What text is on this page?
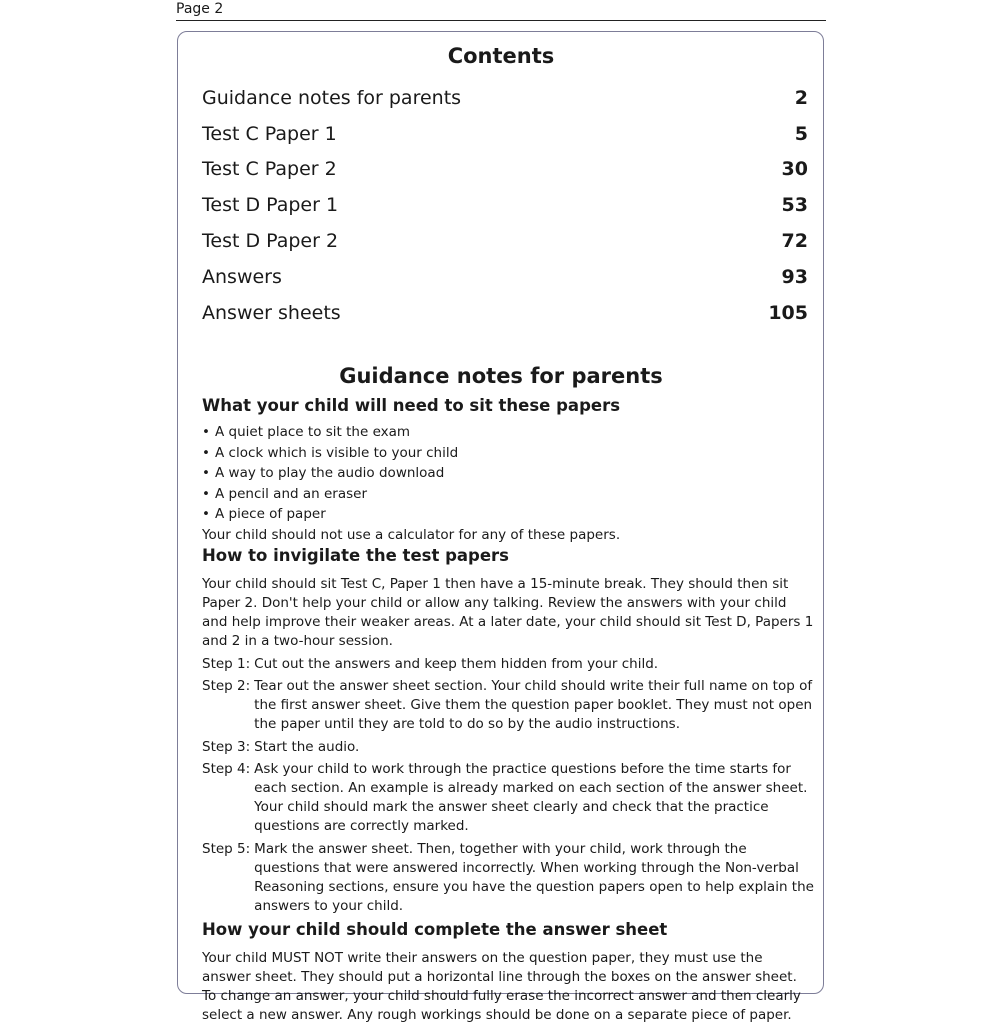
Page 2
Contents
Guidance notes for parents	2
Test C Paper 1	5
Test C Paper 2	30
Test D Paper 1	53
Test D Paper 2	72
Answers	93
Answer sheets	105
Guidance notes for parents
What your child will need to sit these papers
• A quiet place to sit the exam
• A clock which is visible to your child
• A way to play the audio download
• A pencil and an eraser
• A piece of paper

Your child should not use a calculator for any of these papers.

How to invigilate the test papers

Your child should sit Test C, Paper 1 then have a 15-minute break. They should then sit Paper 2. Don't help your child or allow any talking. Review the answers with your child and help improve their weaker areas. At a later date, your child should sit Test D, Papers 1 and 2 in a two-hour session.

Step 1: Cut out the answers and keep them hidden from your child.
Step 2: Tear out the answer sheet section. Your child should write their full name on top of the first answer sheet. Give them the question paper booklet. They must not open the paper until they are told to do so by the audio instructions.
Step 3: Start the audio.
Step 4: Ask your child to work through the practice questions before the time starts for each section. An example is already marked on each section of the answer sheet. Your child should mark the answer sheet clearly and check that the practice questions are correctly marked.
Step 5: Mark the answer sheet. Then, together with your child, work through the questions that were answered incorrectly. When working through the Non-verbal Reasoning sections, ensure you have the question papers open to help explain the answers to your child.
How your child should complete the answer sheet

Your child MUST NOT write their answers on the question paper, they must use the answer sheet. They should put a horizontal line through the boxes on the answer sheet. To change an answer, your child should fully erase the incorrect answer and then clearly select a new answer. Any rough workings should be done on a separate piece of paper.
